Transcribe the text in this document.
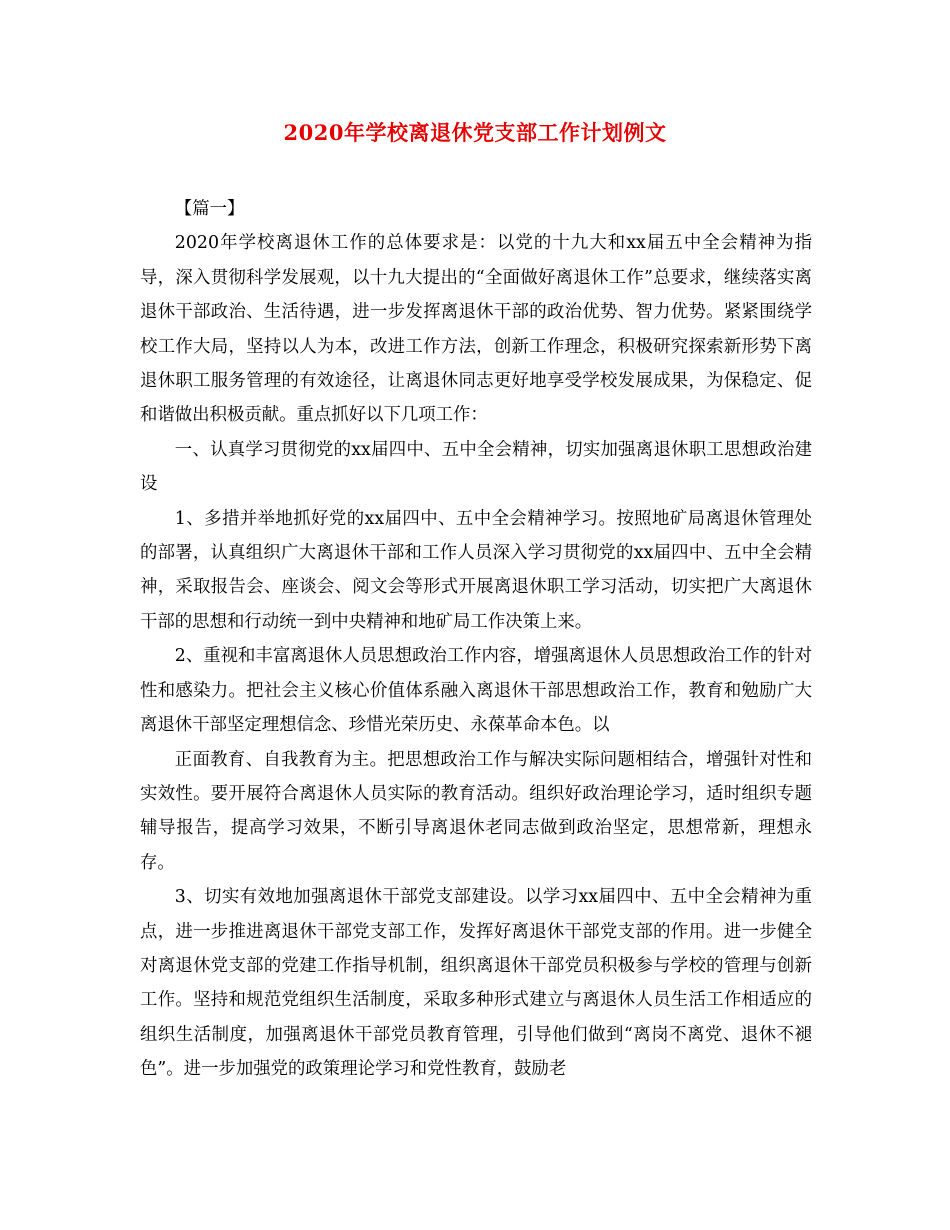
2020年学校离退休党支部工作计划例文

【篇一】

2020年学校离退休工作的总体要求是：以党的十九大和xx届五中全会精神为指导，深入贯彻科学发展观，以十九大提出的“全面做好离退休工作”总要求，继续落实离退休干部政治、生活待遇，进一步发挥离退休干部的政治优势、智力优势。紧紧围绕学校工作大局，坚持以人为本，改进工作方法，创新工作理念，积极研究探索新形势下离退休职工服务管理的有效途径，让离退休同志更好地享受学校发展成果，为保稳定、促和谐做出积极贡献。重点抓好以下几项工作：

一、认真学习贯彻党的xx届四中、五中全会精神，切实加强离退休职工思想政治建设

1、多措并举地抓好党的xx届四中、五中全会精神学习。按照地矿局离退休管理处的部署，认真组织广大离退休干部和工作人员深入学习贯彻党的xx届四中、五中全会精神，采取报告会、座谈会、阅文会等形式开展离退休职工学习活动，切实把广大离退休干部的思想和行动统一到中央精神和地矿局工作决策上来。

2、重视和丰富离退休人员思想政治工作内容，增强离退休人员思想政治工作的针对性和感染力。把社会主义核心价值体系融入离退休干部思想政治工作，教育和勉励广大离退休干部坚定理想信念、珍惜光荣历史、永葆革命本色。以

正面教育、自我教育为主。把思想政治工作与解决实际问题相结合，增强针对性和实效性。要开展符合离退休人员实际的教育活动。组织好政治理论学习，适时组织专题辅导报告，提高学习效果，不断引导离退休老同志做到政治坚定，思想常新，理想永存。

3、切实有效地加强离退休干部党支部建设。以学习xx届四中、五中全会精神为重点，进一步推进离退休干部党支部工作，发挥好离退休干部党支部的作用。进一步健全对离退休党支部的党建工作指导机制，组织离退休干部党员积极参与学校的管理与创新工作。坚持和规范党组织生活制度，采取多种形式建立与离退休人员生活工作相适应的组织生活制度，加强离退休干部党员教育管理，引导他们做到“离岗不离党、退休不褪色”。进一步加强党的政策理论学习和党性教育，鼓励老
